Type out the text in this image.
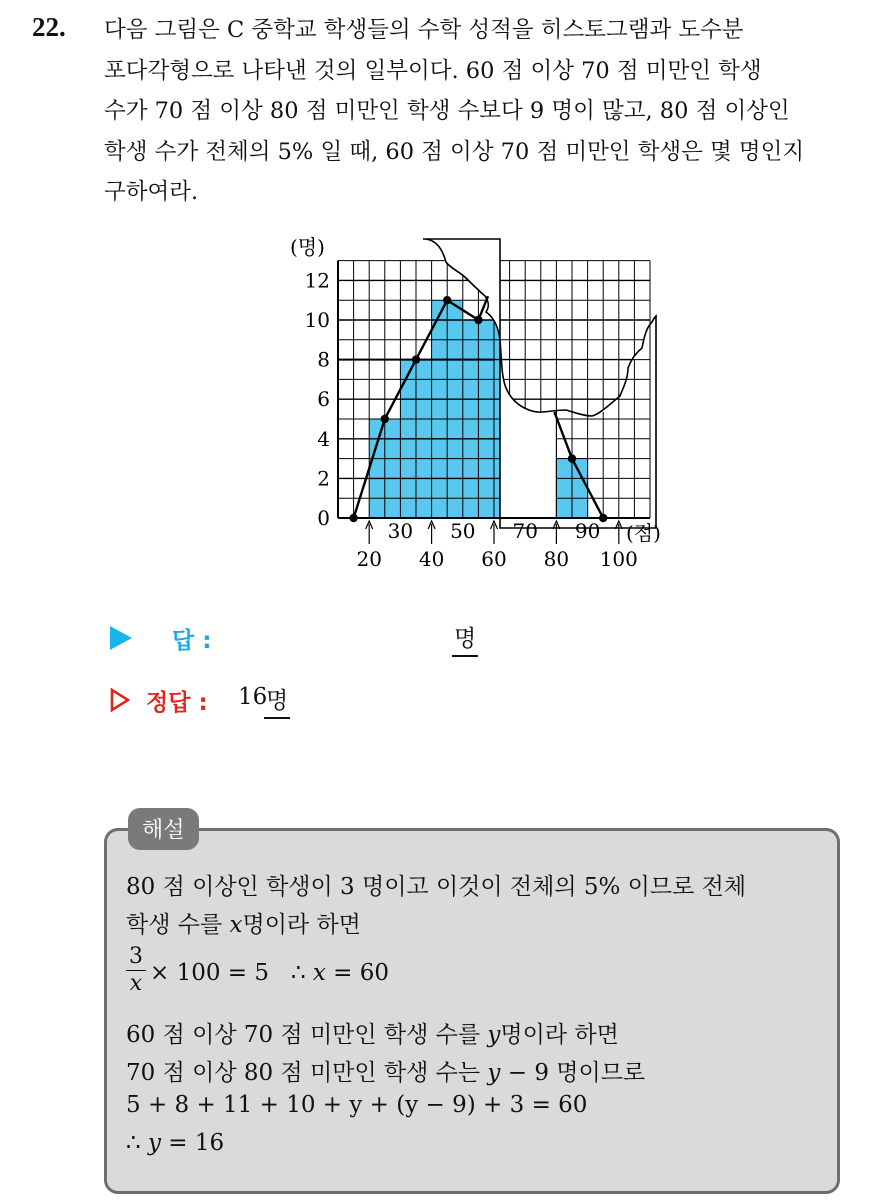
22. 다음 그림은 C 중학교 학생들의 수학 성적을 히스토그램과 도수분
포다각형으로 나타낸 것의 일부이다. 60 점 이상 70 점 미만인 학생
수가 70 점 이상 80 점 미만인 학생 수보다 9 명이 많고, 80 점 이상인
학생 수가 전체의 5% 일 때, 60 점 이상 70 점 미만인 학생은 몇 명인지
구하여라.
0
2
4
6
8
10
12
20 40 60 80 100
30 50 70 90
(명)
(점)
답 :	명
정답 : 16
명
해설
80 점 이상인 학생이 3 명이고 이것이 전체의 5% 이므로 전체
학생 수를 x명이라 하면
3
x × 100 = 5   ∴ x = 60
60 점 이상 70 점 미만인 학생 수를 y명이라 하면
70 점 이상 80 점 미만인 학생 수는 y − 9 명이므로
5 + 8 + 11 + 10 + y + (y − 9) + 3 = 60
∴ y = 16
